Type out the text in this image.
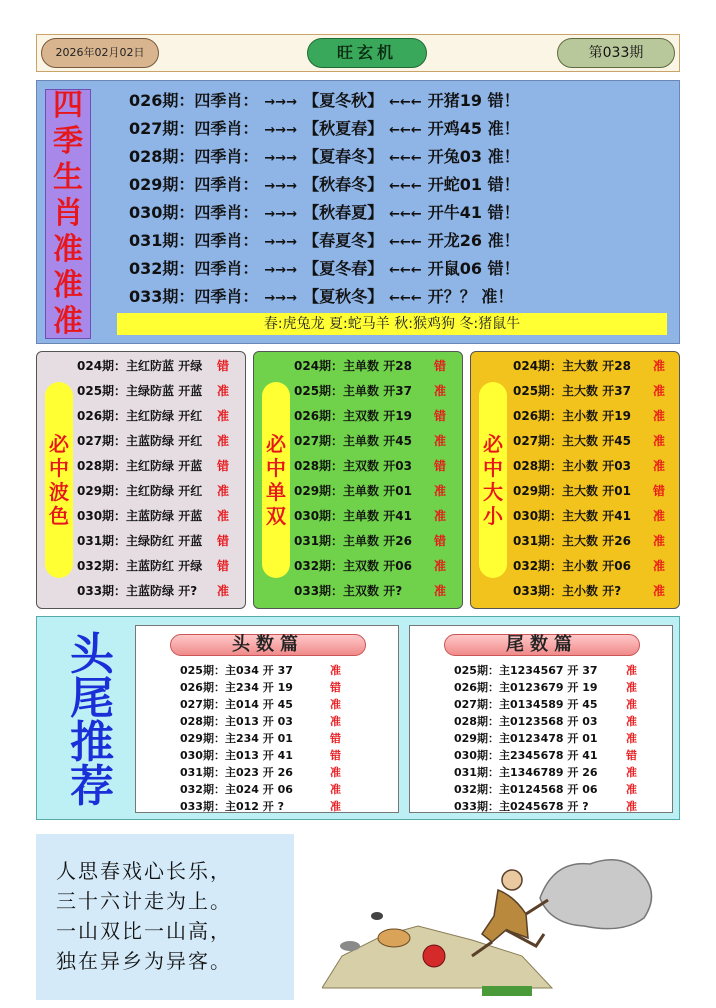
2026年02月02日	旺玄机	第033期
四
季
生
肖
准
准
准	春:虎兔龙 夏:蛇马羊 秋:猴鸡狗 冬:猪鼠牛
026期：四季肖： →→→ 【夏冬秋】 ←←← 开猪19 错！
027期：四季肖： →→→ 【秋夏春】 ←←← 开鸡45 准！
028期：四季肖： →→→ 【夏春冬】 ←←← 开兔03 准！
029期：四季肖： →→→ 【秋春冬】 ←←← 开蛇01 错！
030期：四季肖： →→→ 【秋春夏】 ←←← 开牛41 错！
031期：四季肖： →→→ 【春夏冬】 ←←← 开龙26 准！
032期：四季肖： →→→ 【夏冬春】 ←←← 开鼠06 错！
033期：四季肖： →→→ 【夏秋冬】 ←←← 开？？ 准！
必
中
波
色
024期：主红防蓝 开绿 错
025期：主绿防蓝 开蓝 准
026期：主红防绿 开红 准
027期：主蓝防绿 开红 准
028期：主红防绿 开蓝 错
029期：主红防绿 开红 准
030期：主蓝防绿 开蓝 准
031期：主绿防红 开蓝 错
032期：主蓝防红 开绿 错
033期：主蓝防绿 开? 准
必
中
单
双
024期：主单数 开28 错
025期：主单数 开37 准
026期：主双数 开19 错
027期：主单数 开45 准
028期：主双数 开03 错
029期：主单数 开01 准
030期：主单数 开41 准
031期：主单数 开26 错
032期：主双数 开06 准
033期：主双数 开?	准
必
中
大
小
024期：主大数 开28 准
025期：主大数 开37 准
026期：主小数 开19 准
027期：主大数 开45 准
028期：主小数 开03 准
029期：主大数 开01 错
030期：主大数 开41 准
031期：主大数 开26 准
032期：主小数 开06 准
033期：主小数 开?	准
头
尾
推
荐
头数篇
025期：主034 开 37	准
026期：主234 开 19	错
027期：主014 开 45	准
028期：主013 开 03	准
029期：主234 开 01	错
030期：主013 开 41	错
031期：主023 开 26	准
032期：主024 开 06	准
033期：主012 开 ?	准
尾数篇
025期：主1234567 开 37	准
026期：主0123679 开 19	准
027期：主0134589 开 45	准
028期：主0123568 开 03	准
029期：主0123478 开 01	准
030期：主2345678 开 41	错
031期：主1346789 开 26	准
032期：主0124568 开 06	准
033期：主0245678 开 ?	准
人思春戏心长乐，
三十六计走为上。
一山双比一山高，
独在异乡为异客。
